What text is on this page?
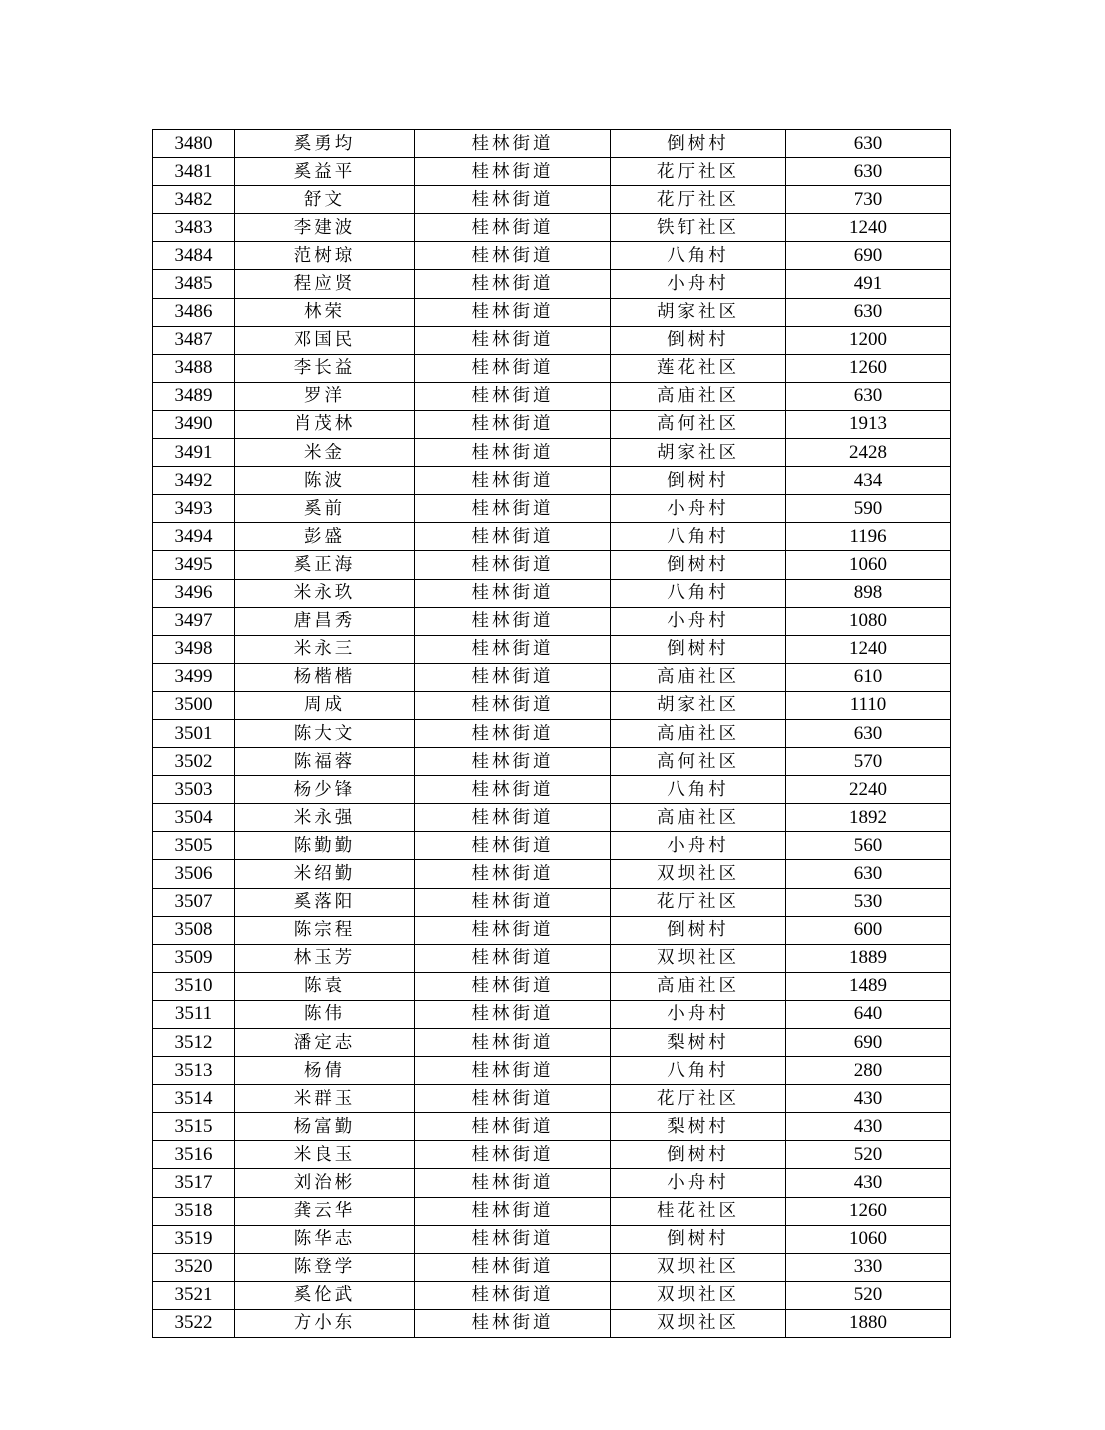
3480	奚勇均	桂林街道	倒树村	630
3481	奚益平	桂林街道	花厅社区	630
3482	舒文	桂林街道	花厅社区	730
3483	李建波	桂林街道	铁钉社区	1240
3484	范树琼	桂林街道	八角村	690
3485	程应贤	桂林街道	小舟村	491
3486	林荣	桂林街道	胡家社区	630
3487	邓国民	桂林街道	倒树村	1200
3488	李长益	桂林街道	莲花社区	1260
3489	罗洋	桂林街道	高庙社区	630
3490	肖茂林	桂林街道	高何社区	1913
3491	米金	桂林街道	胡家社区	2428
3492	陈波	桂林街道	倒树村	434
3493	奚前	桂林街道	小舟村	590
3494	彭盛	桂林街道	八角村	1196
3495	奚正海	桂林街道	倒树村	1060
3496	米永玖	桂林街道	八角村	898
3497	唐昌秀	桂林街道	小舟村	1080
3498	米永三	桂林街道	倒树村	1240
3499	杨楷楷	桂林街道	高庙社区	610
3500	周成	桂林街道	胡家社区	1110
3501	陈大文	桂林街道	高庙社区	630
3502	陈福蓉	桂林街道	高何社区	570
3503	杨少锋	桂林街道	八角村	2240
3504	米永强	桂林街道	高庙社区	1892
3505	陈勤勤	桂林街道	小舟村	560
3506	米绍勤	桂林街道	双坝社区	630
3507	奚落阳	桂林街道	花厅社区	530
3508	陈宗程	桂林街道	倒树村	600
3509	林玉芳	桂林街道	双坝社区	1889
3510	陈袁	桂林街道	高庙社区	1489
3511	陈伟	桂林街道	小舟村	640
3512	潘定志	桂林街道	梨树村	690
3513	杨倩	桂林街道	八角村	280
3514	米群玉	桂林街道	花厅社区	430
3515	杨富勤	桂林街道	梨树村	430
3516	米良玉	桂林街道	倒树村	520
3517	刘治彬	桂林街道	小舟村	430
3518	龚云华	桂林街道	桂花社区	1260
3519	陈华志	桂林街道	倒树村	1060
3520	陈登学	桂林街道	双坝社区	330
3521	奚伦武	桂林街道	双坝社区	520
3522	方小东	桂林街道	双坝社区	1880
